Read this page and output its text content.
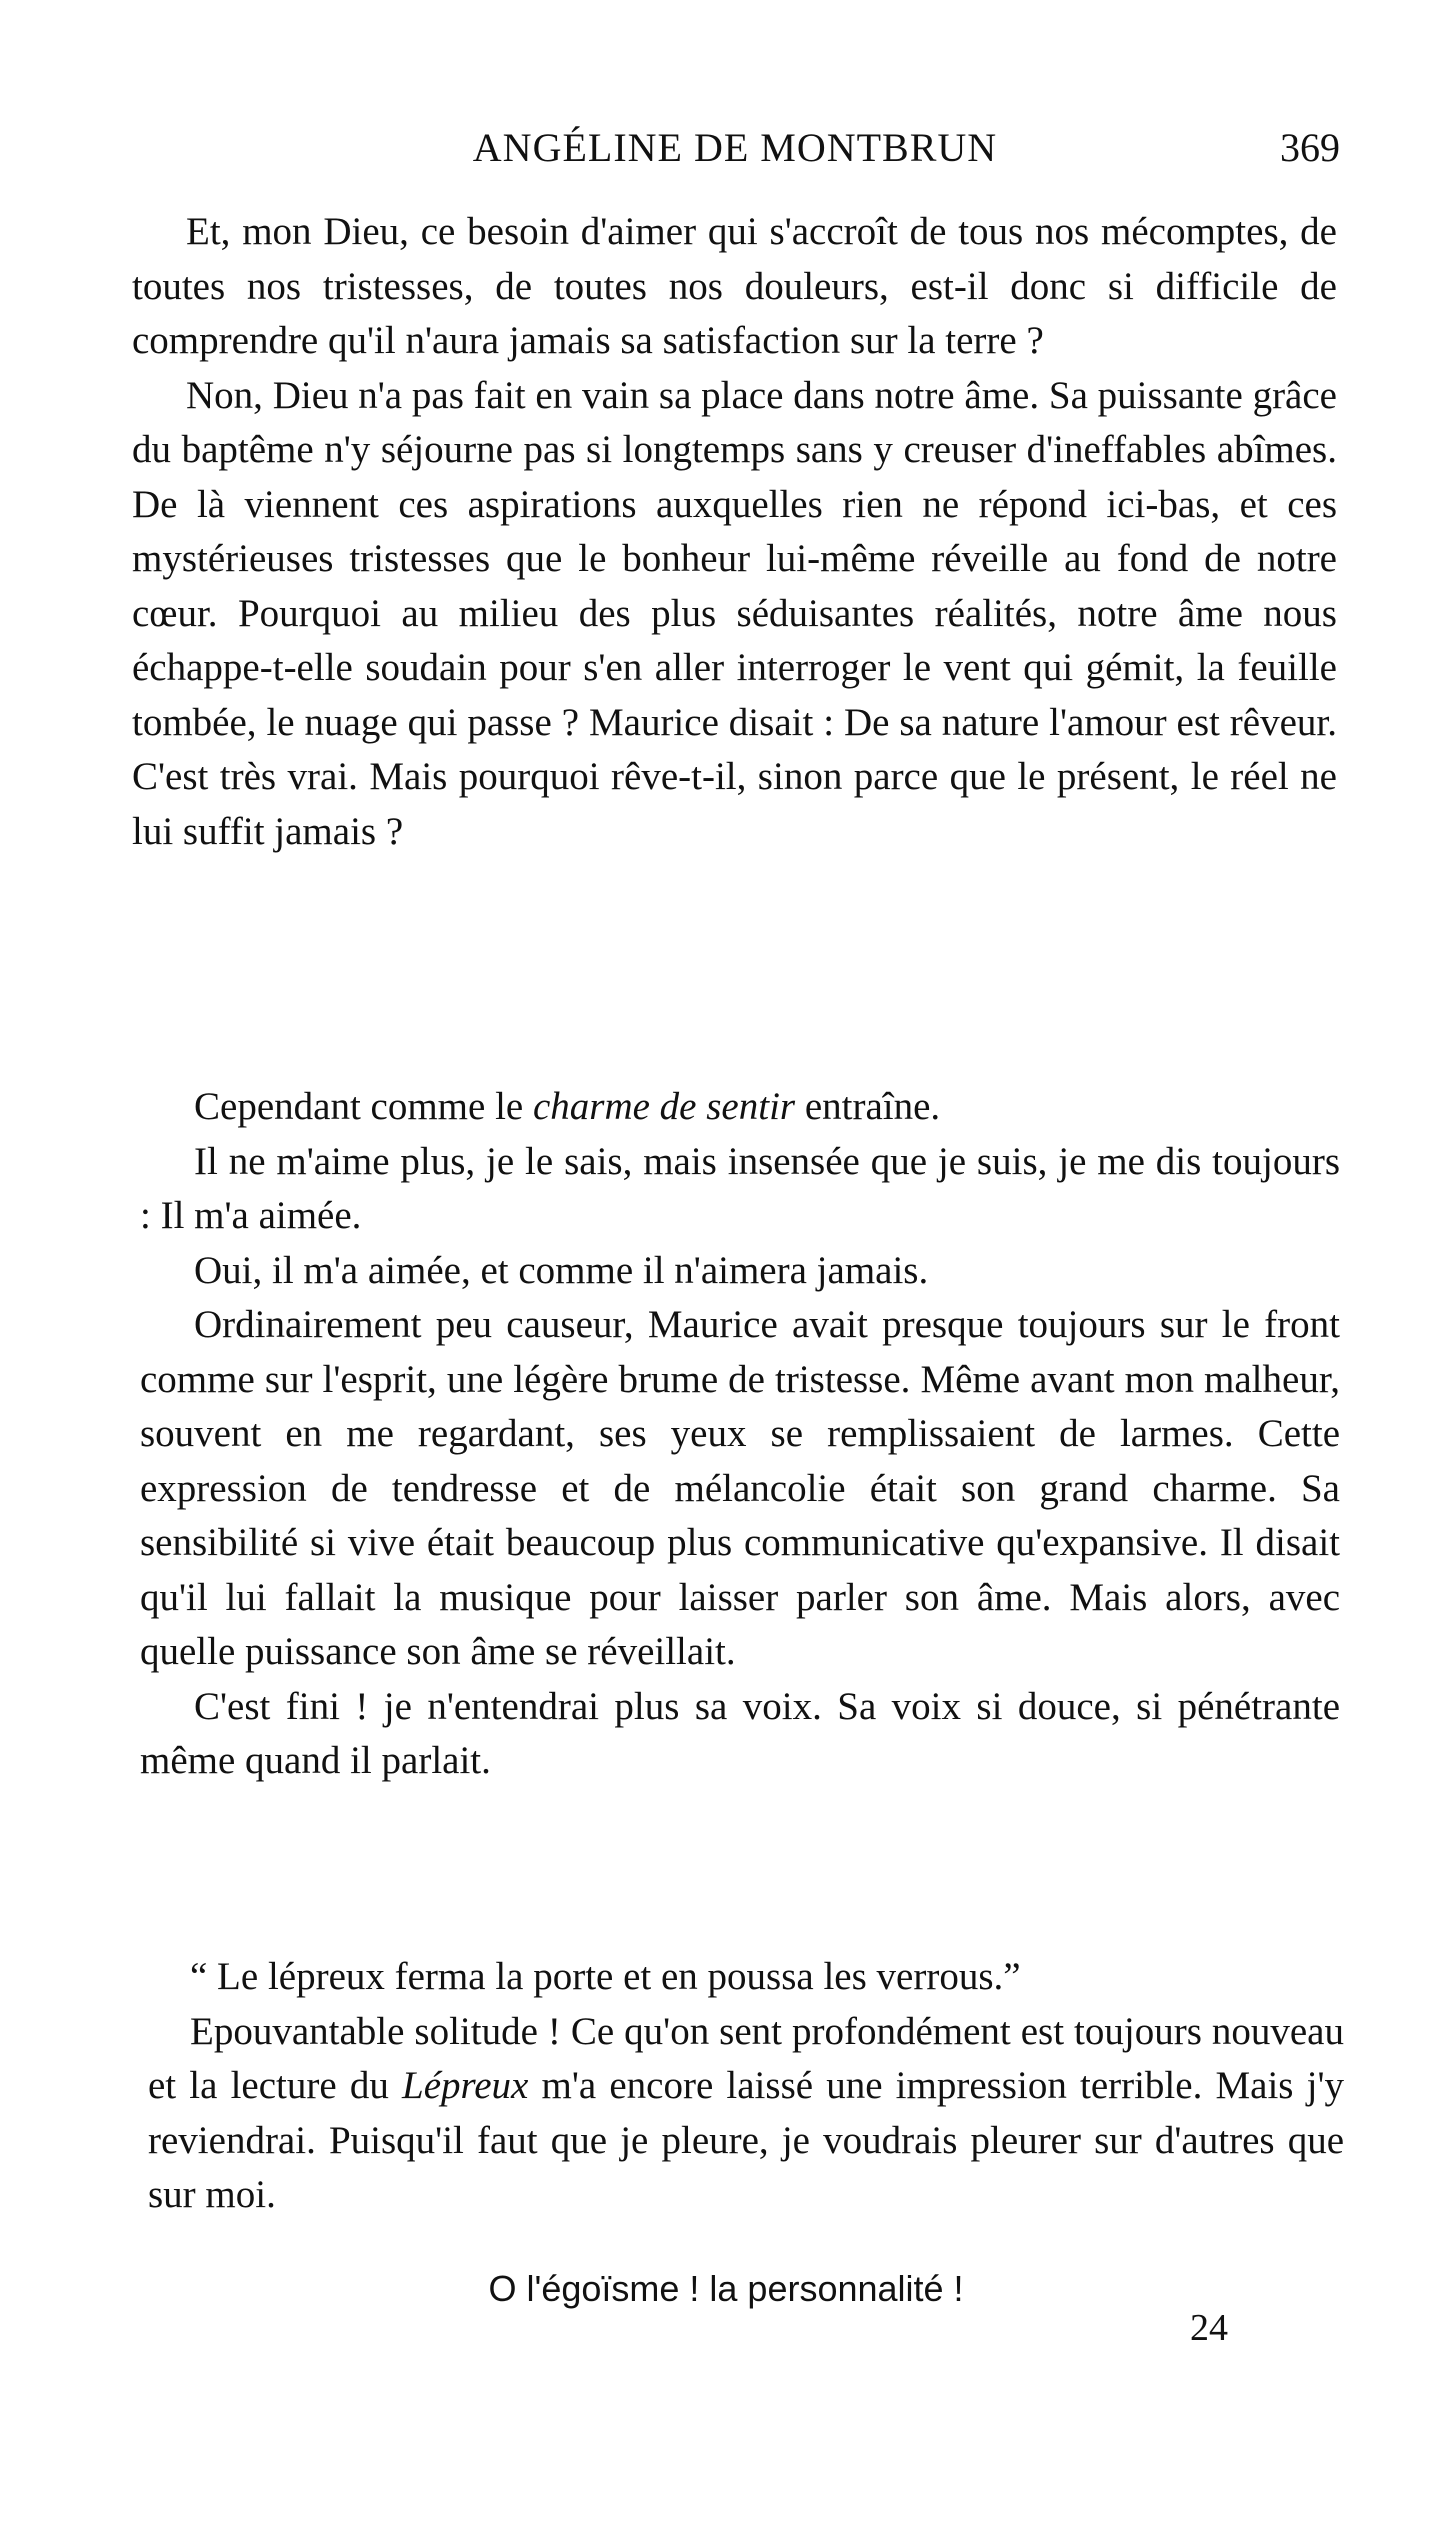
ANGÉLINE DE MONTBRUN	369

Et, mon Dieu, ce besoin d'aimer qui s'accroît de tous nos mécomptes, de toutes nos tristesses, de toutes nos douleurs, est-il donc si difficile de comprendre qu'il n'aura jamais sa satisfaction sur la terre ?

Non, Dieu n'a pas fait en vain sa place dans notre âme. Sa puissante grâce du baptême n'y séjourne pas si longtemps sans y creuser d'ineffables abîmes. De là viennent ces aspirations auxquelles rien ne répond ici-bas, et ces mystérieuses tristesses que le bonheur lui-même réveille au fond de notre cœur. Pourquoi au milieu des plus séduisantes réalités, notre âme nous échappe-t-elle soudain pour s'en aller interroger le vent qui gémit, la feuille tombée, le nuage qui passe ? Maurice disait : De sa nature l'amour est rêveur. C'est très vrai. Mais pourquoi rêve-t-il, sinon parce que le présent, le réel ne lui suffit jamais ?

Cependant comme le charme de sentir entraîne.

Il ne m'aime plus, je le sais, mais insensée que je suis, je me dis toujours : Il m'a aimée.

Oui, il m'a aimée, et comme il n'aimera jamais.

Ordinairement peu causeur, Maurice avait presque toujours sur le front comme sur l'esprit, une légère brume de tristesse. Même avant mon malheur, souvent en me regardant, ses yeux se remplissaient de larmes. Cette expression de tendresse et de mélancolie était son grand charme. Sa sensibilité si vive était beaucoup plus communicative qu'expansive. Il disait qu'il lui fallait la musique pour laisser parler son âme. Mais alors, avec quelle puissance son âme se réveillait.

C'est fini ! je n'entendrai plus sa voix. Sa voix si douce, si pénétrante même quand il parlait.

“ Le lépreux ferma la porte et en poussa les verrous.”

Epouvantable solitude ! Ce qu'on sent profondément est toujours nouveau et la lecture du Lépreux m'a encore laissé une impression terrible. Mais j'y reviendrai. Puisqu'il faut que je pleure, je voudrais pleurer sur d'autres que sur moi.

O l'égoïsme ! la personnalité !
24
